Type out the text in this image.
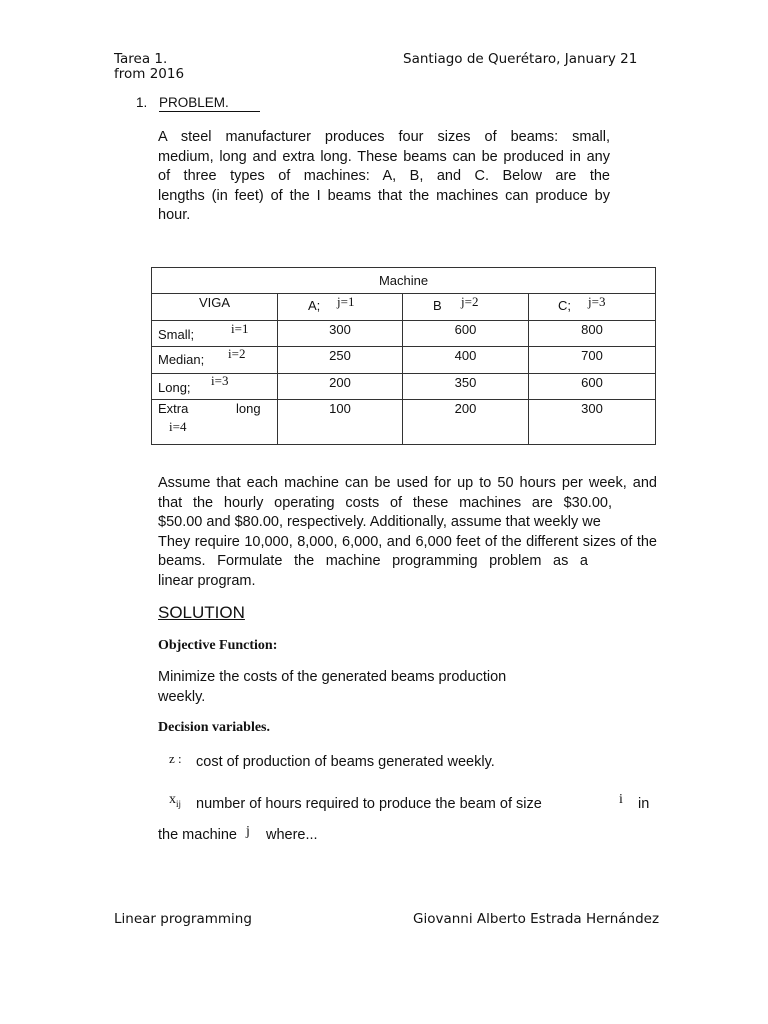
Tarea 1.
from 2016
Santiago de Querétaro, January 21
1. PROBLEM.
A steel manufacturer produces four sizes of beams: small,
medium, long and extra long. These beams can be produced in any
of three types of machines: A, B, and C. Below are the
lengths (in feet) of the I beams that the machines can produce by
hour.
Machine			
VIGA	A; j=1	B j=2	C; j=3

Small; i=1	300	600	800

Median; i=2	250	400	700

Long; i=3	200	350	600

Extra long
i=4	100	200	300
Assume that each machine can be used for up to 50 hours per week, and
that the hourly operating costs of these machines are $30.00,
$50.00 and $80.00, respectively. Additionally, assume that weekly we
They require 10,000, 8,000, 6,000, and 6,000 feet of the different sizes of the
beams. Formulate the machine programming problem as a
linear program.
SOLUTION
Objective Function:
Minimize the costs of the generated beams production
weekly.
Decision variables.
z : cost of production of beams generated weekly.
$x_{ij}$ number of hours required to produce the beam of size	i in
the machine j where...
Linear programming	Giovanni Alberto Estrada Hernández
